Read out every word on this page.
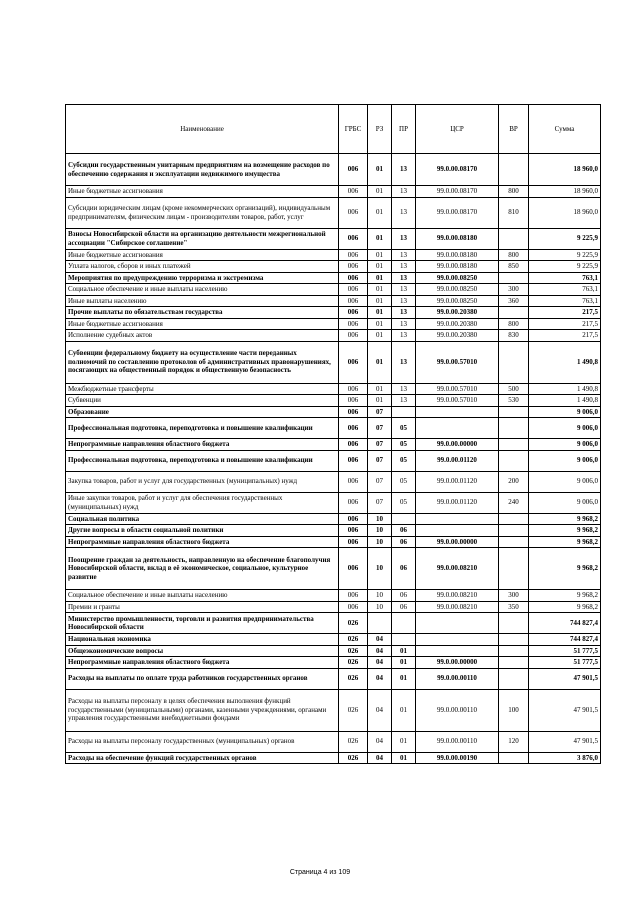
Наименование	ГРБС	РЗ	ПР	ЦСР	ВР	Сумма
Субсидии государственным унитарным предприятиям на возмещение расходов по обеспечению содержания и эксплуатации недвижимого имущества	006	01	13	99.0.00.08170		18 960,0
Иные бюджетные ассигнования	006	01	13	99.0.00.08170	800	18 960,0
Субсидии юридическим лицам (кроме некоммерческих организаций), индивидуальным предпринимателям, физическим лицам - производителям товаров, работ, услуг	006	01	13	99.0.00.08170	810	18 960,0
Взносы Новосибирской области на организацию деятельности межрегиональной ассоциации "Сибирское соглашение"	006	01	13	99.0.00.08180		9 225,9
Иные бюджетные ассигнования	006	01	13	99.0.00.08180	800	9 225,9
Уплата налогов, сборов и иных платежей	006	01	13	99.0.00.08180	850	9 225,9
Мероприятия по предупреждению терроризма и экстремизма	006	01	13	99.0.00.08250		763,1
Социальное обеспечение и иные выплаты населению	006	01	13	99.0.00.08250	300	763,1
Иные выплаты населению	006	01	13	99.0.00.08250	360	763,1
Прочие выплаты по обязательствам государства	006	01	13	99.0.00.20380		217,5
Иные бюджетные ассигнования	006	01	13	99.0.00.20380	800	217,5
Исполнение судебных актов	006	01	13	99.0.00.20380	830	217,5
Субвенции федеральному бюджету на осуществление части переданных полномочий по составлению протоколов об административных правонарушениях, посягающих на общественный порядок и общественную безопасность	006	01	13	99.0.00.57010		1 490,8
Межбюджетные трансферты	006	01	13	99.0.00.57010	500	1 490,8
Субвенции	006	01	13	99.0.00.57010	530	1 490,8
Образование	006	07				9 006,0
Профессиональная подготовка, переподготовка и повышение квалификации	006	07	05			9 006,0
Непрограммные направления областного бюджета	006	07	05	99.0.00.00000		9 006,0
Профессиональная подготовка, переподготовка и повышение квалификации	006	07	05	99.0.00.01120		9 006,0
Закупка товаров, работ и услуг для государственных (муниципальных) нужд	006	07	05	99.0.00.01120	200	9 006,0
Иные закупки товаров, работ и услуг для обеспечения государственных (муниципальных) нужд	006	07	05	99.0.00.01120	240	9 006,0
Социальная политика	006	10				9 968,2
Другие вопросы в области социальной политики	006	10	06			9 968,2
Непрограммные направления областного бюджета	006	10	06	99.0.00.00000		9 968,2
Поощрение граждан за деятельность, направленную на обеспечение благополучия Новосибирской области, вклад в её экономическое, социальное, культурное развитие	006	10	06	99.0.00.08210		9 968,2
Социальное обеспечение и иные выплаты населению	006	10	06	99.0.00.08210	300	9 968,2
Премии и гранты	006	10	06	99.0.00.08210	350	9 968,2
Министерство промышленности, торговли и развития предпринимательства Новосибирской области	026					744 827,4
Национальная экономика	026	04				744 827,4
Общеэкономические вопросы	026	04	01			51 777,5
Непрограммные направления областного бюджета	026	04	01	99.0.00.00000		51 777,5
Расходы на выплаты по оплате труда работников государственных органов	026	04	01	99.0.00.00110		47 901,5
Расходы на выплаты персоналу в целях обеспечения выполнения функций государственными (муниципальными) органами, казенными учреждениями, органами управления государственными внебюджетными фондами	026	04	01	99.0.00.00110	100	47 901,5
Расходы на выплаты персоналу государственных (муниципальных) органов	026	04	01	99.0.00.00110	120	47 901,5
Расходы на обеспечение функций государственных органов	026	04	01	99.0.00.00190		3 876,0
Страница 4 из 109
